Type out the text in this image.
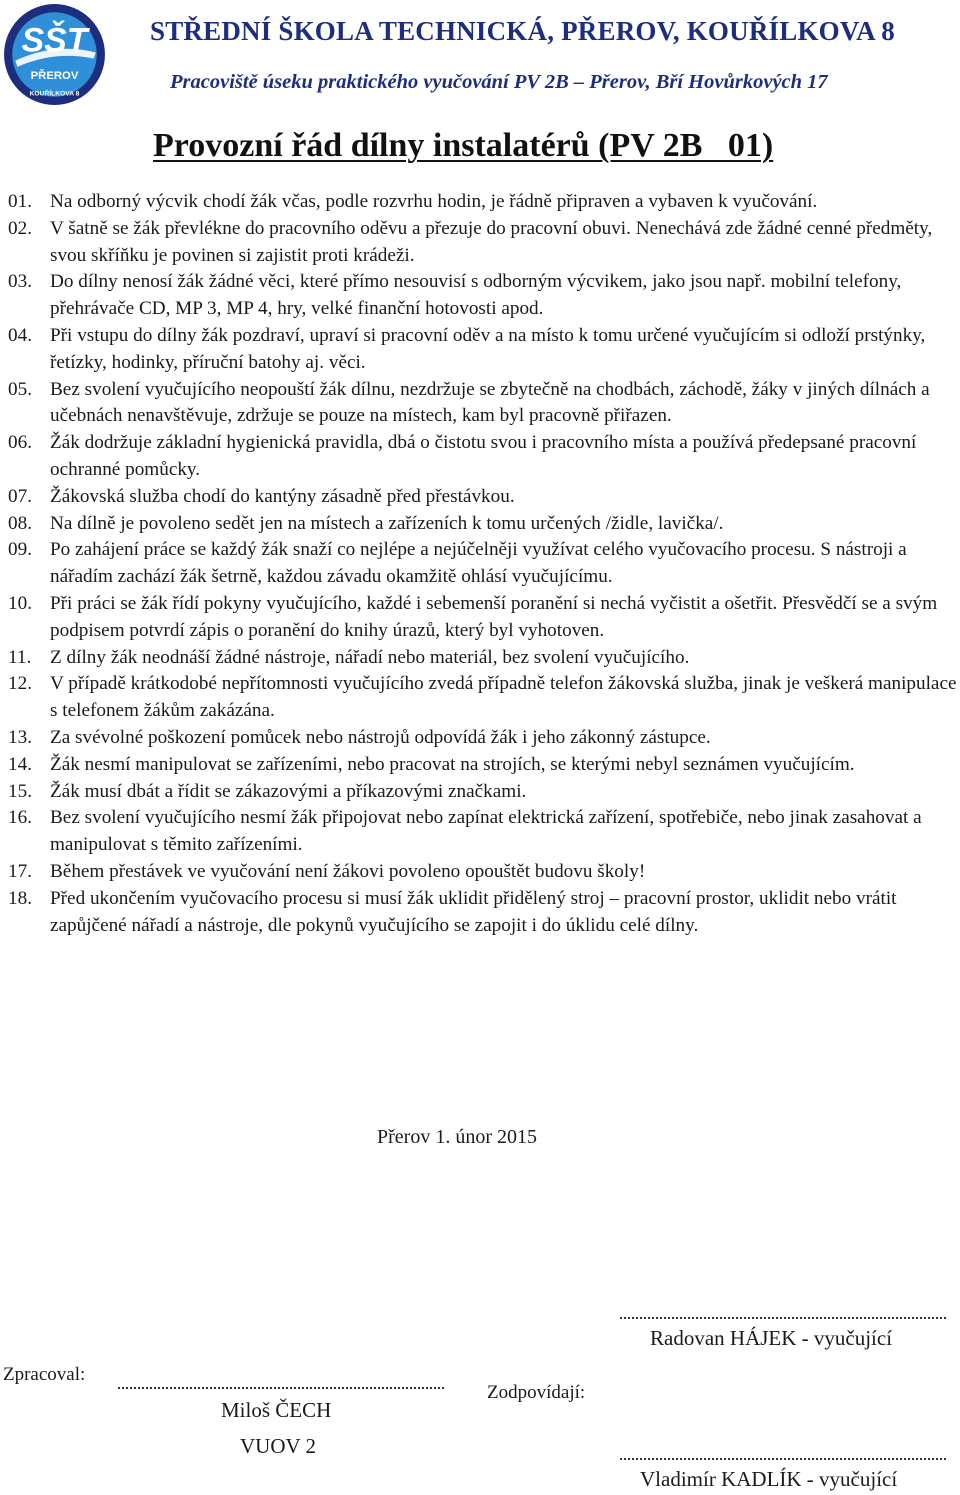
SŠT
PŘEROV
KOUŘÍLKOVA 8
STŘEDNÍ ŠKOLA TECHNICKÁ, PŘEROV, KOUŘÍLKOVA 8
Pracoviště úseku praktického vyučování PV 2B – Přerov, Bří Hovůrkových 17
Provozní řád dílny instalatérů (PV 2B   01)
01. Na odborný výcvik chodí žák včas, podle rozvrhu hodin, je řádně připraven a vybaven k vyučování.
02. V šatně se žák převlékne do pracovního oděvu a přezuje do pracovní obuvi. Nenechává zde žádné cenné předměty, svou skříňku je povinen si zajistit proti krádeži.
03. Do dílny nenosí žák žádné věci, které přímo nesouvisí s odborným výcvikem, jako jsou např. mobilní telefony, přehrávače CD, MP 3, MP 4, hry, velké finanční hotovosti apod.
04. Při vstupu do dílny žák pozdraví, upraví si pracovní oděv a na místo k tomu určené vyučujícím si odloží prstýnky, řetízky, hodinky, příruční batohy aj. věci.
05. Bez svolení vyučujícího neopouští žák dílnu, nezdržuje se zbytečně na chodbách, záchodě, žáky v jiných dílnách a učebnách nenavštěvuje, zdržuje se pouze na místech, kam byl pracovně přiřazen.
06. Žák dodržuje základní hygienická pravidla, dbá o čistotu svou i pracovního místa a používá předepsané pracovní ochranné pomůcky.
07. Žákovská služba chodí do kantýny zásadně před přestávkou.
08. Na dílně je povoleno sedět jen na místech a zařízeních k tomu určených /židle, lavička/.
09. Po zahájení práce se každý žák snaží co nejlépe a nejúčelněji využívat celého vyučovacího procesu. S nástroji a nářadím zachází žák šetrně, každou závadu okamžitě ohlásí vyučujícímu.
10. Při práci se žák řídí pokyny vyučujícího, každé i sebemenší poranění si nechá vyčistit a ošetřit. Přesvědčí se a svým podpisem potvrdí zápis o poranění do knihy úrazů, který byl vyhotoven.
11. Z dílny žák neodnáší žádné nástroje, nářadí nebo materiál, bez svolení vyučujícího.
12. V případě krátkodobé nepřítomnosti vyučujícího zvedá případně telefon žákovská služba, jinak je veškerá manipulace s telefonem žákům zakázána.
13. Za svévolné poškození pomůcek nebo nástrojů odpovídá žák i jeho zákonný zástupce.
14. Žák nesmí manipulovat se zařízeními, nebo pracovat na strojích, se kterými nebyl seznámen vyučujícím.
15. Žák musí dbát a řídit se zákazovými a příkazovými značkami.
16. Bez svolení vyučujícího nesmí žák připojovat nebo zapínat elektrická zařízení, spotřebiče, nebo jinak zasahovat a manipulovat s těmito zařízeními.
17. Během přestávek ve vyučování není žákovi povoleno opouštět budovu školy!
18. Před ukončením vyučovacího procesu si musí žák uklidit přidělený stroj – pracovní prostor, uklidit nebo vrátit zapůjčené nářadí a nástroje, dle pokynů vyučujícího se zapojit i do úklidu celé dílny.
Přerov 1. únor 2015
Radovan HÁJEK - vyučující
Zpracoval:
Zodpovídají:
Miloš ČECH
VUOV 2
Vladimír KADLÍK - vyučující
